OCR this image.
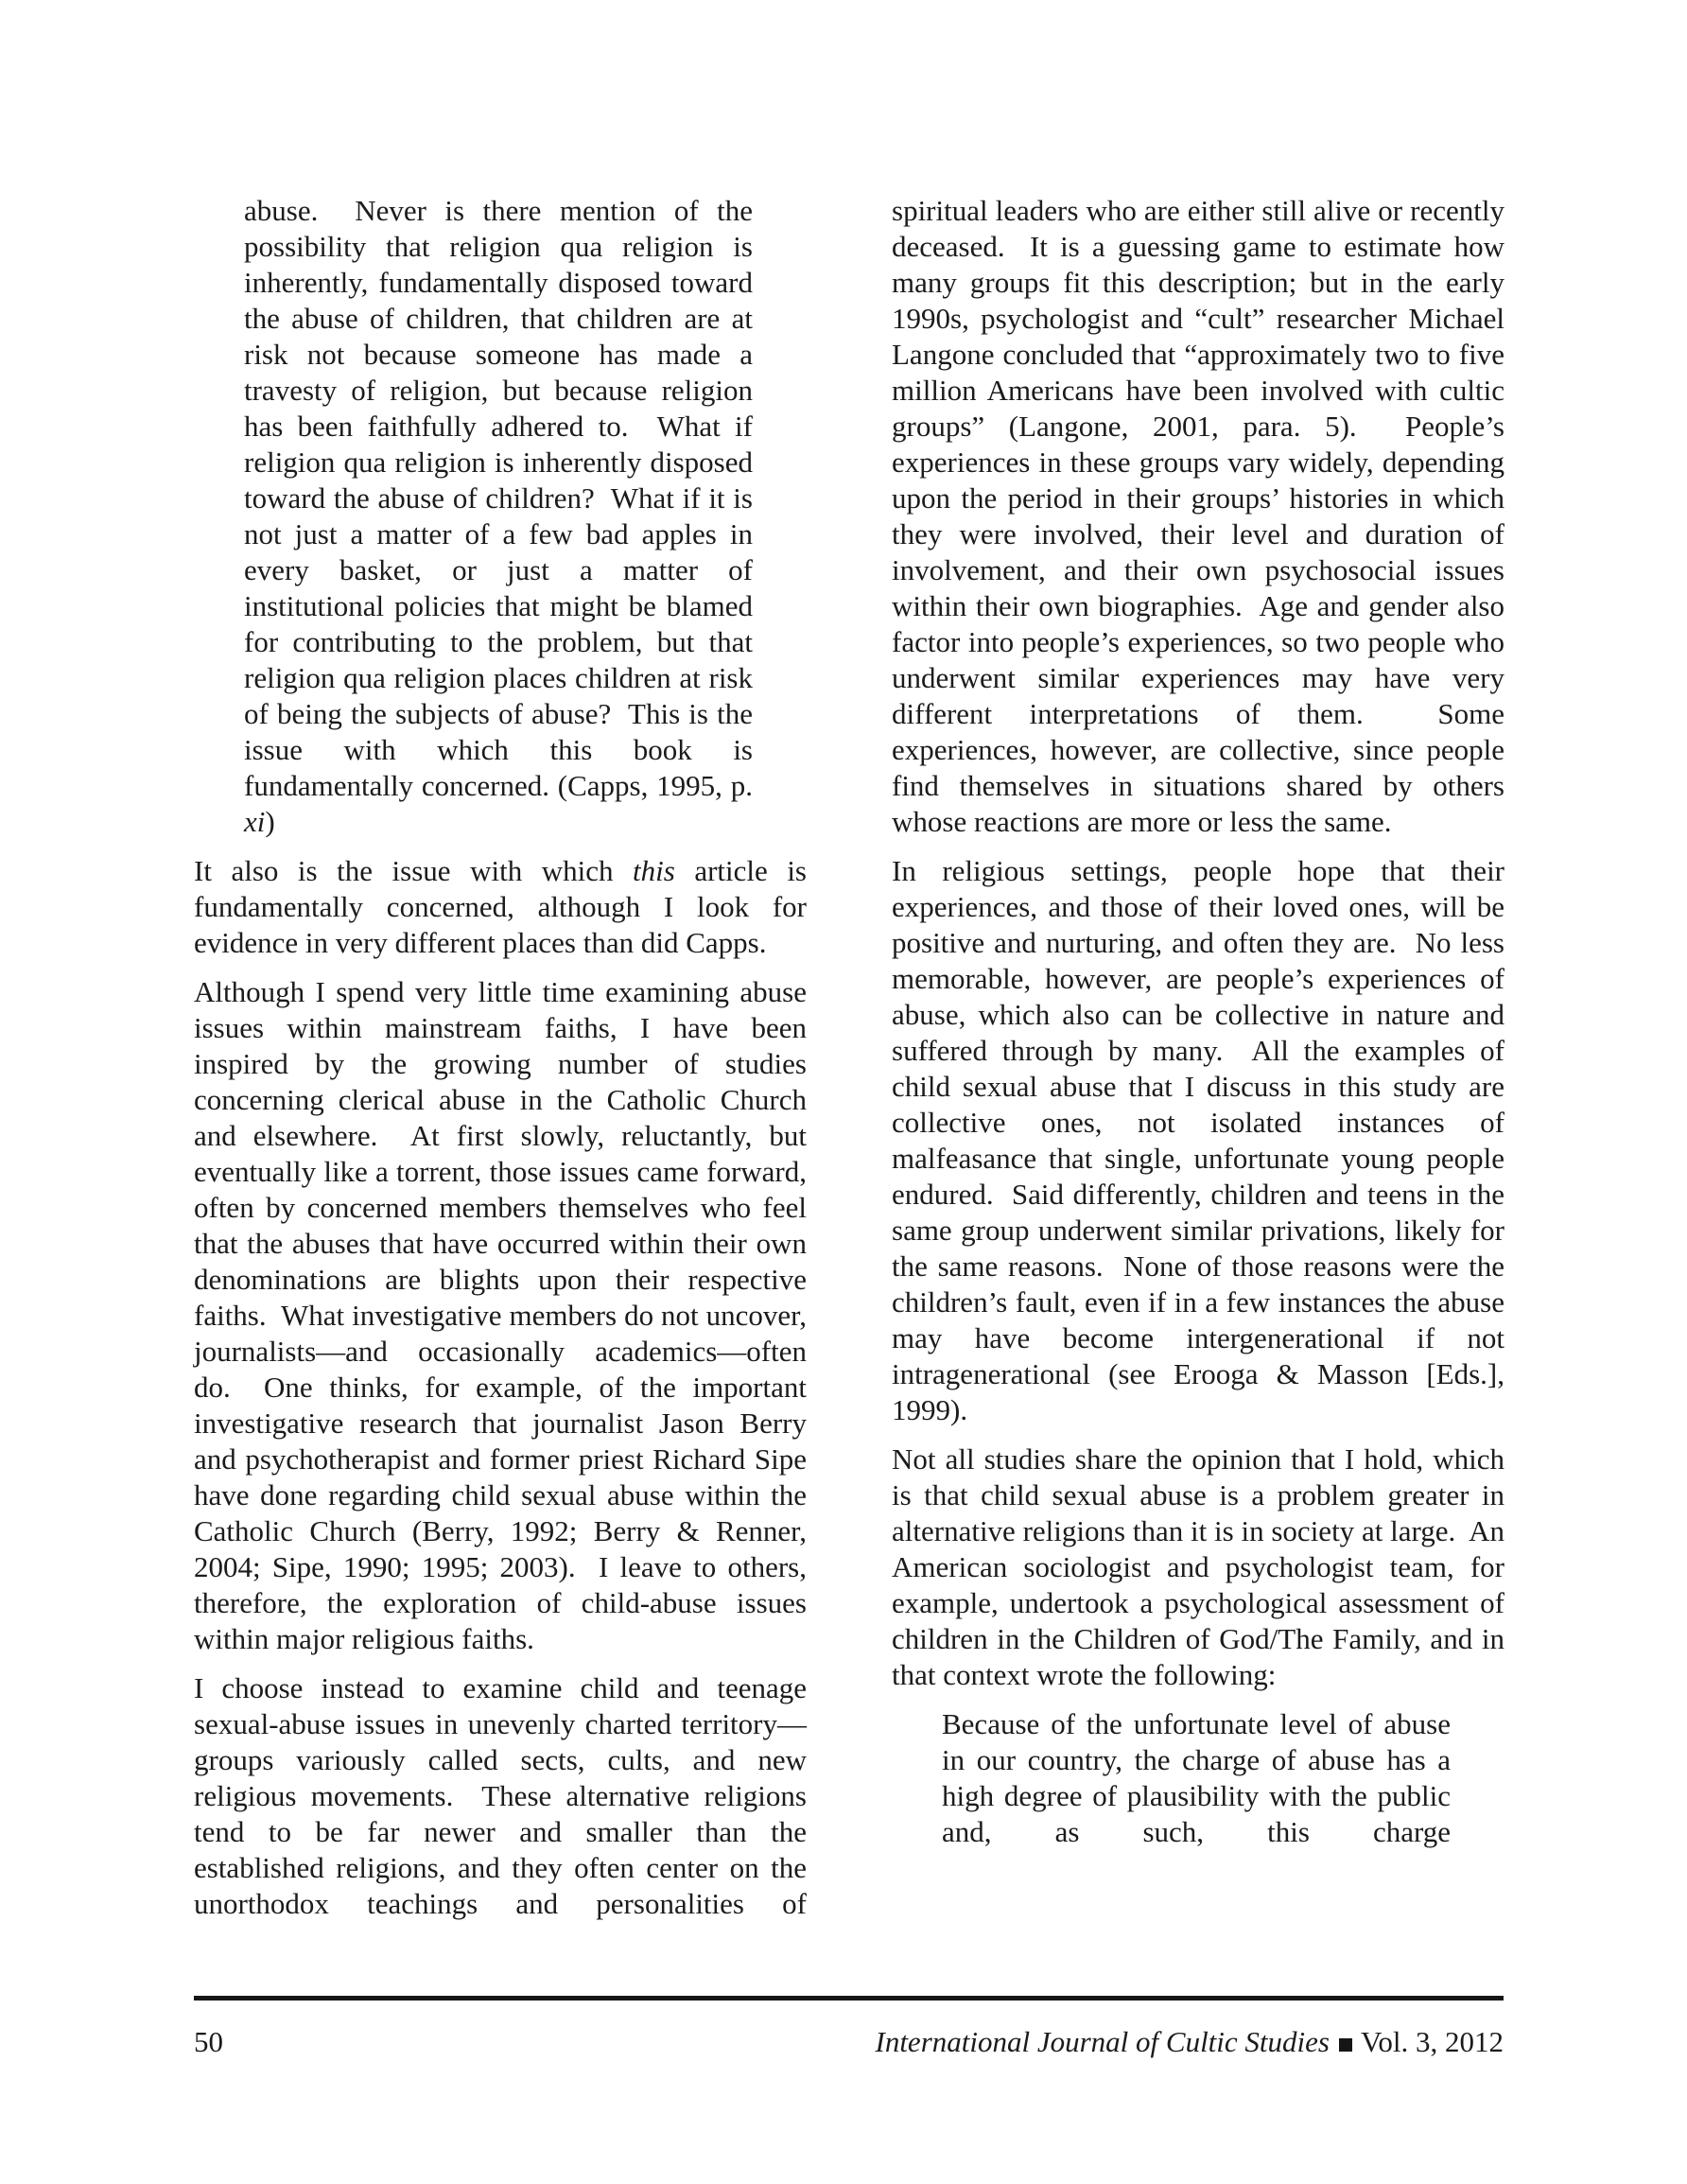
abuse.  Never is there mention of the possibility that religion qua religion is inherently, fundamentally disposed toward the abuse of children, that children are at risk not because someone has made a travesty of religion, but because religion has been faithfully adhered to.  What if religion qua religion is inherently disposed toward the abuse of children?  What if it is not just a matter of a few bad apples in every basket, or just a matter of institutional policies that might be blamed for contributing to the problem, but that religion qua religion places children at risk of being the subjects of abuse?  This is the issue with which this book is fundamentally concerned. (Capps, 1995, p. xi)

It also is the issue with which this article is fundamentally concerned, although I look for evidence in very different places than did Capps.

Although I spend very little time examining abuse issues within mainstream faiths, I have been inspired by the growing number of studies concerning clerical abuse in the Catholic Church and elsewhere.  At first slowly, reluctantly, but eventually like a torrent, those issues came forward, often by concerned members themselves who feel that the abuses that have occurred within their own denominations are blights upon their respective faiths.  What investigative members do not uncover, journalists—and occasionally academics—often do.  One thinks, for example, of the important investigative research that journalist Jason Berry and psychotherapist and former priest Richard Sipe have done regarding child sexual abuse within the Catholic Church (Berry, 1992; Berry & Renner, 2004; Sipe, 1990; 1995; 2003).  I leave to others, therefore, the exploration of child-abuse issues within major religious faiths.

I choose instead to examine child and teenage sexual-abuse issues in unevenly charted territory—groups variously called sects, cults, and new religious movements.  These alternative religions tend to be far newer and smaller than the established religions, and they often center on the unorthodox teachings and personalities of

spiritual leaders who are either still alive or recently deceased.  It is a guessing game to estimate how many groups fit this description; but in the early 1990s, psychologist and “cult” researcher Michael Langone concluded that “approximately two to five million Americans have been involved with cultic groups” (Langone, 2001, para. 5).  People’s experiences in these groups vary widely, depending upon the period in their groups’ histories in which they were involved, their level and duration of involvement, and their own psychosocial issues within their own biographies.  Age and gender also factor into people’s experiences, so two people who underwent similar experiences may have very different interpretations of them.  Some experiences, however, are collective, since people find themselves in situations shared by others whose reactions are more or less the same.

In religious settings, people hope that their experiences, and those of their loved ones, will be positive and nurturing, and often they are.  No less memorable, however, are people’s experiences of abuse, which also can be collective in nature and suffered through by many.  All the examples of child sexual abuse that I discuss in this study are collective ones, not isolated instances of malfeasance that single, unfortunate young people endured.  Said differently, children and teens in the same group underwent similar privations, likely for the same reasons.  None of those reasons were the children’s fault, even if in a few instances the abuse may have become intergenerational if not intragenerational (see Erooga & Masson [Eds.], 1999).

Not all studies share the opinion that I hold, which is that child sexual abuse is a problem greater in alternative religions than it is in society at large.  An American sociologist and psychologist team, for example, undertook a psychological assessment of children in the Children of God/The Family, and in that context wrote the following:

Because of the unfortunate level of abuse in our country, the charge of abuse has a high degree of plausibility with the public and, as such, this charge

50	International Journal of Cultic Studies Vol. 3, 2012
